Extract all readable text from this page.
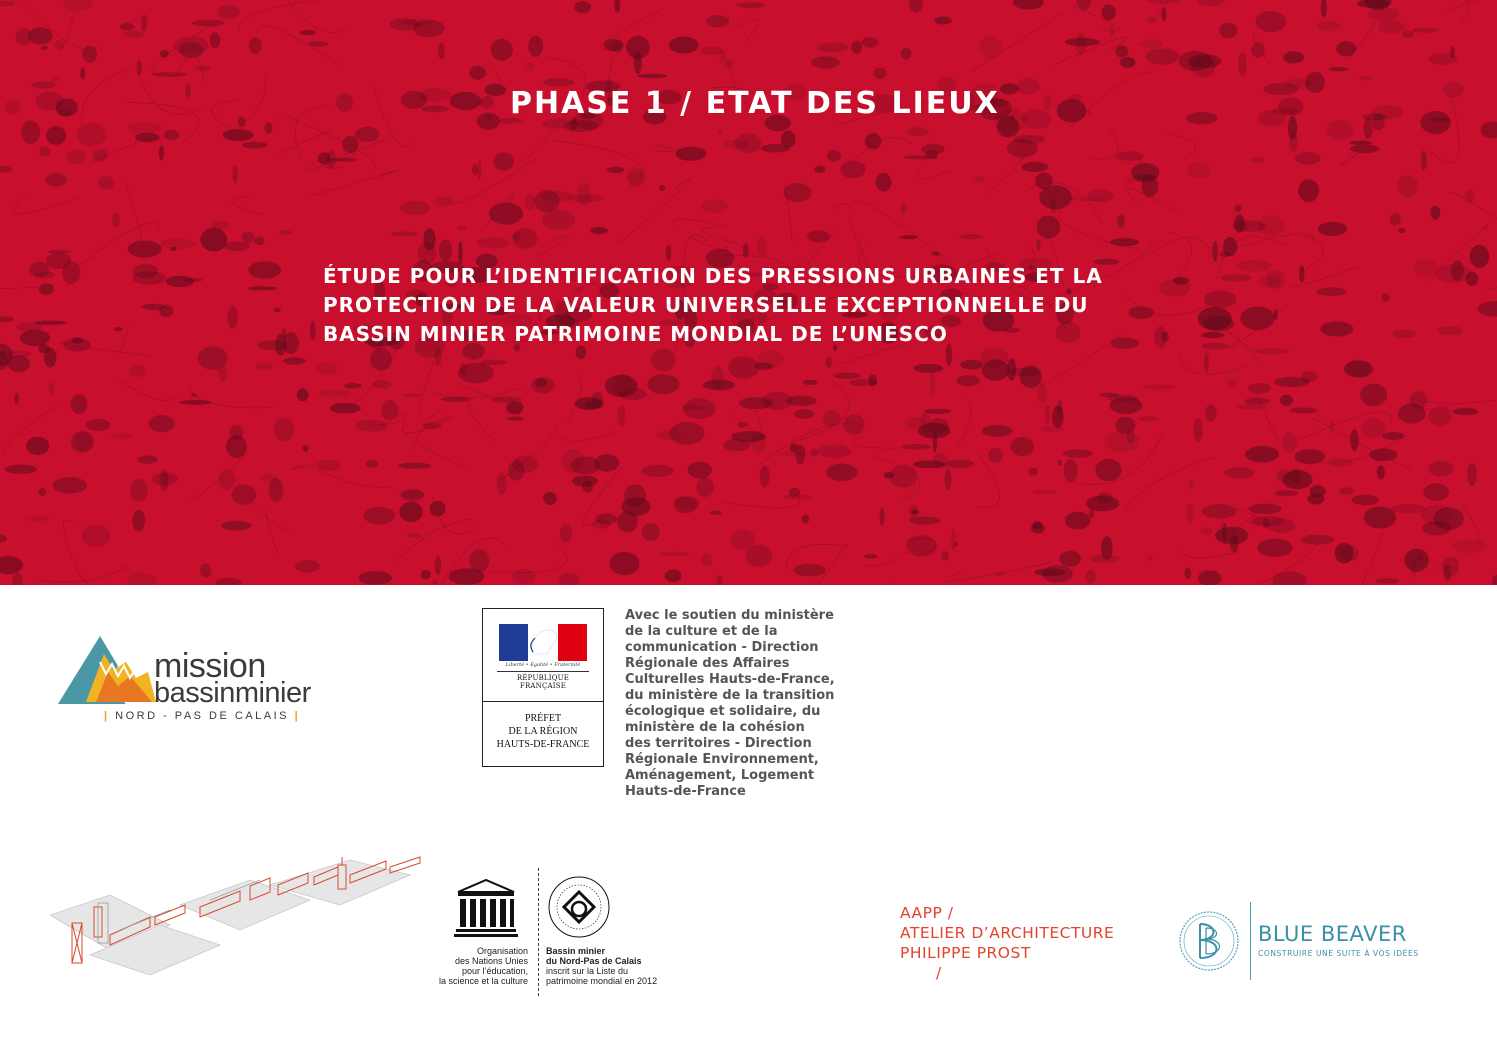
PHASE 1 / ETAT DES LIEUX
ÉTUDE POUR L’IDENTIFICATION DES PRESSIONS URBAINES ET LA
PROTECTION DE LA VALEUR UNIVERSELLE EXCEPTIONNELLE DU
BASSIN MINIER PATRIMOINE MONDIAL DE L’UNESCO
mission
bassinminier
| NORD - PAS DE CALAIS |
Liberté • Égalité • Fraternité
RÉPUBLIQUE FRANÇAISE
PRÉFET
DE LA RÉGION
HAUTS-DE-FRANCE
Avec le soutien du ministère
de la culture et de la
communication - Direction
Régionale des Affaires
Culturelles Hauts-de-France,
du ministère de la transition
écologique et solidaire, du
ministère de la cohésion
des territoires - Direction
Régionale Environnement,
Aménagement, Logement
Hauts-de-France
Organisation
des Nations Unies
pour l’éducation,
la science et la culture
Bassin minier
du Nord-Pas de Calais
inscrit sur la Liste du
patrimoine mondial en 2012
AAPP /
ATELIER D’ARCHITECTURE
PHILIPPE PROST
/
BLUE BEAVER
CONSTRUIRE UNE SUITE À VOS IDÉES
